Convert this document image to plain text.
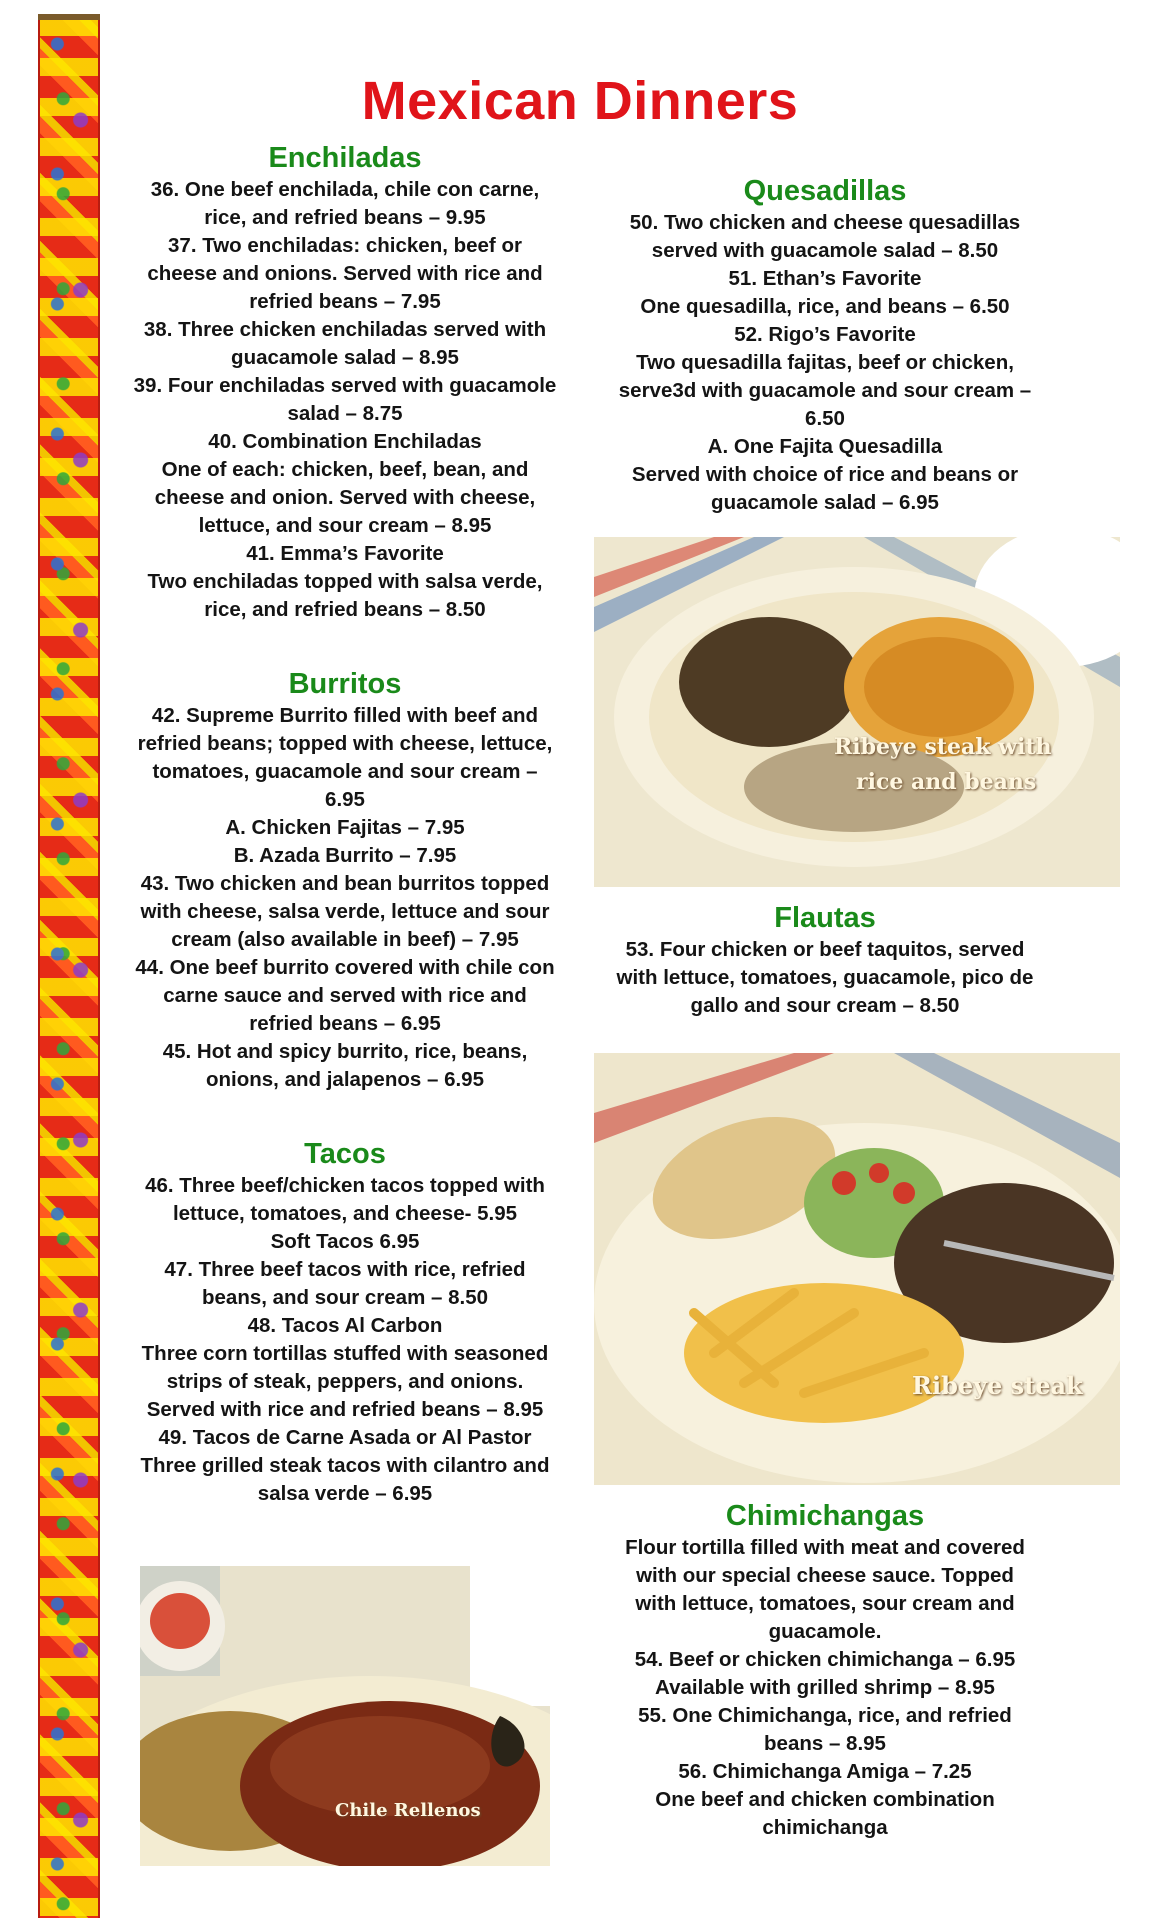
Mexican Dinners
Enchiladas
36. One beef enchilada, chile con carne,
rice, and refried beans – 9.95
37. Two enchiladas: chicken, beef or
cheese and onions. Served with rice and
refried beans – 7.95
38. Three chicken enchiladas served with
guacamole salad – 8.95
39. Four enchiladas served with guacamole
salad – 8.75
40. Combination Enchiladas
One of each: chicken, beef, bean, and
cheese and onion. Served with cheese,
lettuce, and sour cream – 8.95
41. Emma’s Favorite
Two enchiladas topped with salsa verde,
rice, and refried beans – 8.50
Burritos
42. Supreme Burrito filled with beef and
refried beans; topped with cheese, lettuce,
tomatoes, guacamole and sour cream –
6.95
A. Chicken Fajitas – 7.95
B. Azada Burrito – 7.95
43. Two chicken and bean burritos topped
with cheese, salsa verde, lettuce and sour
cream (also available in beef) – 7.95
44. One beef burrito covered with chile con
carne sauce and served with rice and
refried beans – 6.95
45. Hot and spicy burrito, rice, beans,
onions, and jalapenos – 6.95
Tacos
46. Three beef/chicken tacos topped with
lettuce, tomatoes, and cheese- 5.95
Soft Tacos 6.95
47. Three beef tacos with rice, refried
beans, and sour cream – 8.50
48. Tacos Al Carbon
Three corn tortillas stuffed with seasoned
strips of steak, peppers, and onions.
Served with rice and refried beans – 8.95
49. Tacos de Carne Asada or Al Pastor
Three grilled steak tacos with cilantro and
salsa verde – 6.95
Chile Rellenos
Quesadillas
50. Two chicken and cheese quesadillas
served with guacamole salad – 8.50
51. Ethan’s Favorite
One quesadilla, rice, and beans – 6.50
52. Rigo’s Favorite
Two quesadilla fajitas, beef or chicken,
serve3d with guacamole and sour cream –
6.50
A. One Fajita Quesadilla
Served with choice of rice and beans or
guacamole salad – 6.95
Ribeye steak with
rice and beans
Flautas
53. Four chicken or beef taquitos, served
with lettuce, tomatoes, guacamole, pico de
gallo and sour cream – 8.50
Ribeye steak
Chimichangas
Flour tortilla filled with meat and covered
with our special cheese sauce. Topped
with lettuce, tomatoes, sour cream and
guacamole.
54. Beef or chicken chimichanga – 6.95
Available with grilled shrimp – 8.95
55. One Chimichanga, rice, and refried
beans – 8.95
56. Chimichanga Amiga – 7.25
One beef and chicken combination
chimichanga
